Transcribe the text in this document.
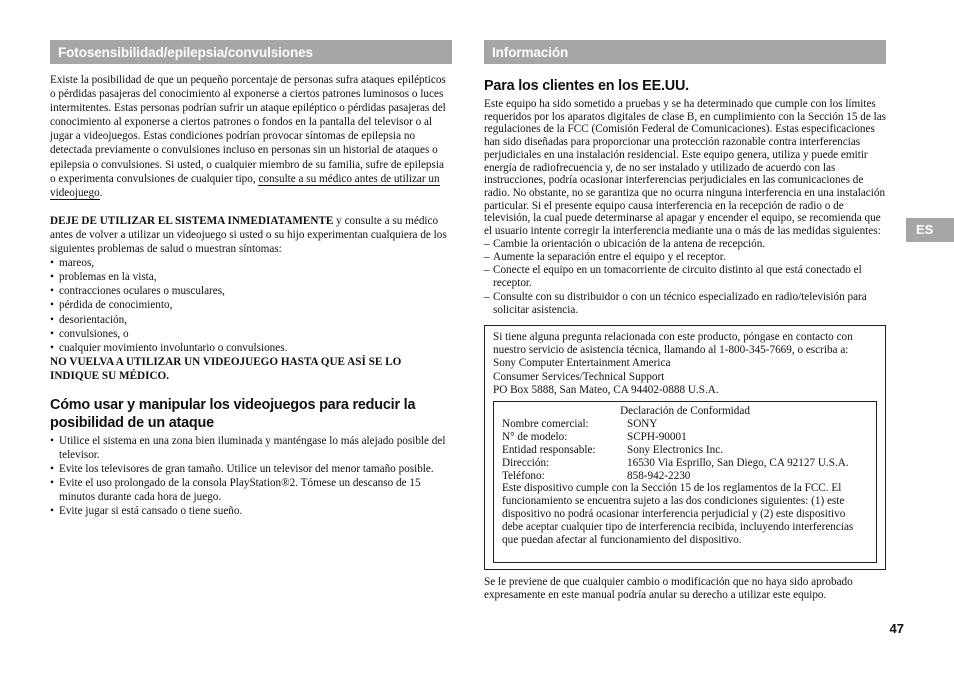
Fotosensibilidad/epilepsia/convulsiones

Existe la posibilidad de que un pequeño porcentaje de personas sufra ataques epilépticos o pérdidas pasajeras del conocimiento al exponerse a ciertos patrones luminosos o luces intermitentes. Estas personas podrían sufrir un ataque epiléptico o pérdidas pasajeras del conocimiento al exponerse a ciertos patrones o fondos en la pantalla del televisor o al jugar a videojuegos. Estas condiciones podrían provocar síntomas de epilepsia no detectada previamente o convulsiones incluso en personas sin un historial de ataques o epilepsia o convulsiones. Si usted, o cualquier miembro de su familia, sufre de epilepsia o experimenta convulsiones de cualquier tipo, consulte a su médico antes de utilizar un videojuego.

DEJE DE UTILIZAR EL SISTEMA INMEDIATAMENTE y consulte a su médico antes de volver a utilizar un videojuego si usted o su hijo experimentan cualquiera de los siguientes problemas de salud o muestran síntomas:

• mareos,
• problemas en la vista,
• contracciones oculares o musculares,
• pérdida de conocimiento,
• desorientación,
• convulsiones, o
• cualquier movimiento involuntario o convulsiones.

NO VUELVA A UTILIZAR UN VIDEOJUEGO HASTA QUE ASÍ SE LO INDIQUE SU MÉDICO.

Cómo usar y manipular los videojuegos para reducir la posibilidad de un ataque
• Utilice el sistema en una zona bien iluminada y manténgase lo más alejado posible del televisor.
• Evite los televisores de gran tamaño. Utilice un televisor del menor tamaño posible.
• Evite el uso prolongado de la consola PlayStation®2. Tómese un descanso de 15 minutos durante cada hora de juego.
• Evite jugar si está cansado o tiene sueño.
Información
Para los clientes en los EE.UU.

Este equipo ha sido sometido a pruebas y se ha determinado que cumple con los límites requeridos por los aparatos digitales de clase B, en cumplimiento con la Sección 15 de las regulaciones de la FCC (Comisión Federal de Comunicaciones). Estas especificaciones han sido diseñadas para proporcionar una protección razonable contra interferencias perjudiciales en una instalación residencial. Este equipo genera, utiliza y puede emitir energía de radiofrecuencia y, de no ser instalado y utilizado de acuerdo con las instrucciones, podría ocasionar interferencias perjudiciales en las comunicaciones de radio. No obstante, no se garantiza que no ocurra ninguna interferencia en una instalación particular. Si el presente equipo causa interferencia en la recepción de radio o de televisión, la cual puede determinarse al apagar y encender el equipo, se recomienda que el usuario intente corregir la interferencia mediante una o más de las medidas siguientes:

– Cambie la orientación o ubicación de la antena de recepción.
– Aumente la separación entre el equipo y el receptor.
– Conecte el equipo en un tomacorriente de circuito distinto al que está conectado el receptor.
– Consulte con su distribuidor o con un técnico especializado en radio/televisión para solicitar asistencia.
Si tiene alguna pregunta relacionada con este producto, póngase en contacto con nuestro servicio de asistencia técnica, llamando al 1-800-345-7669, o escriba a:
Sony Computer Entertainment America
Consumer Services/Technical Support
PO Box 5888, San Mateo, CA 94402-0888 U.S.A.
Declaración de Conformidad
Nombre comercial:	SONY
N° de modelo:	SCPH-90001
Entidad responsable:	Sony Electronics Inc.
Dirección:	16530 Via Esprillo, San Diego, CA 92127 U.S.A.
Teléfono:	858-942-2230
Este dispositivo cumple con la Sección 15 de los reglamentos de la FCC. El funcionamiento se encuentra sujeto a las dos condiciones siguientes: (1) este dispositivo no podrá ocasionar interferencia perjudicial y (2) este dispositivo debe aceptar cualquier tipo de interferencia recibida, incluyendo interferencias que puedan afectar al funcionamiento del dispositivo.

Se le previene de que cualquier cambio o modificación que no haya sido aprobado expresamente en este manual podría anular su derecho a utilizar este equipo.

ES
47
